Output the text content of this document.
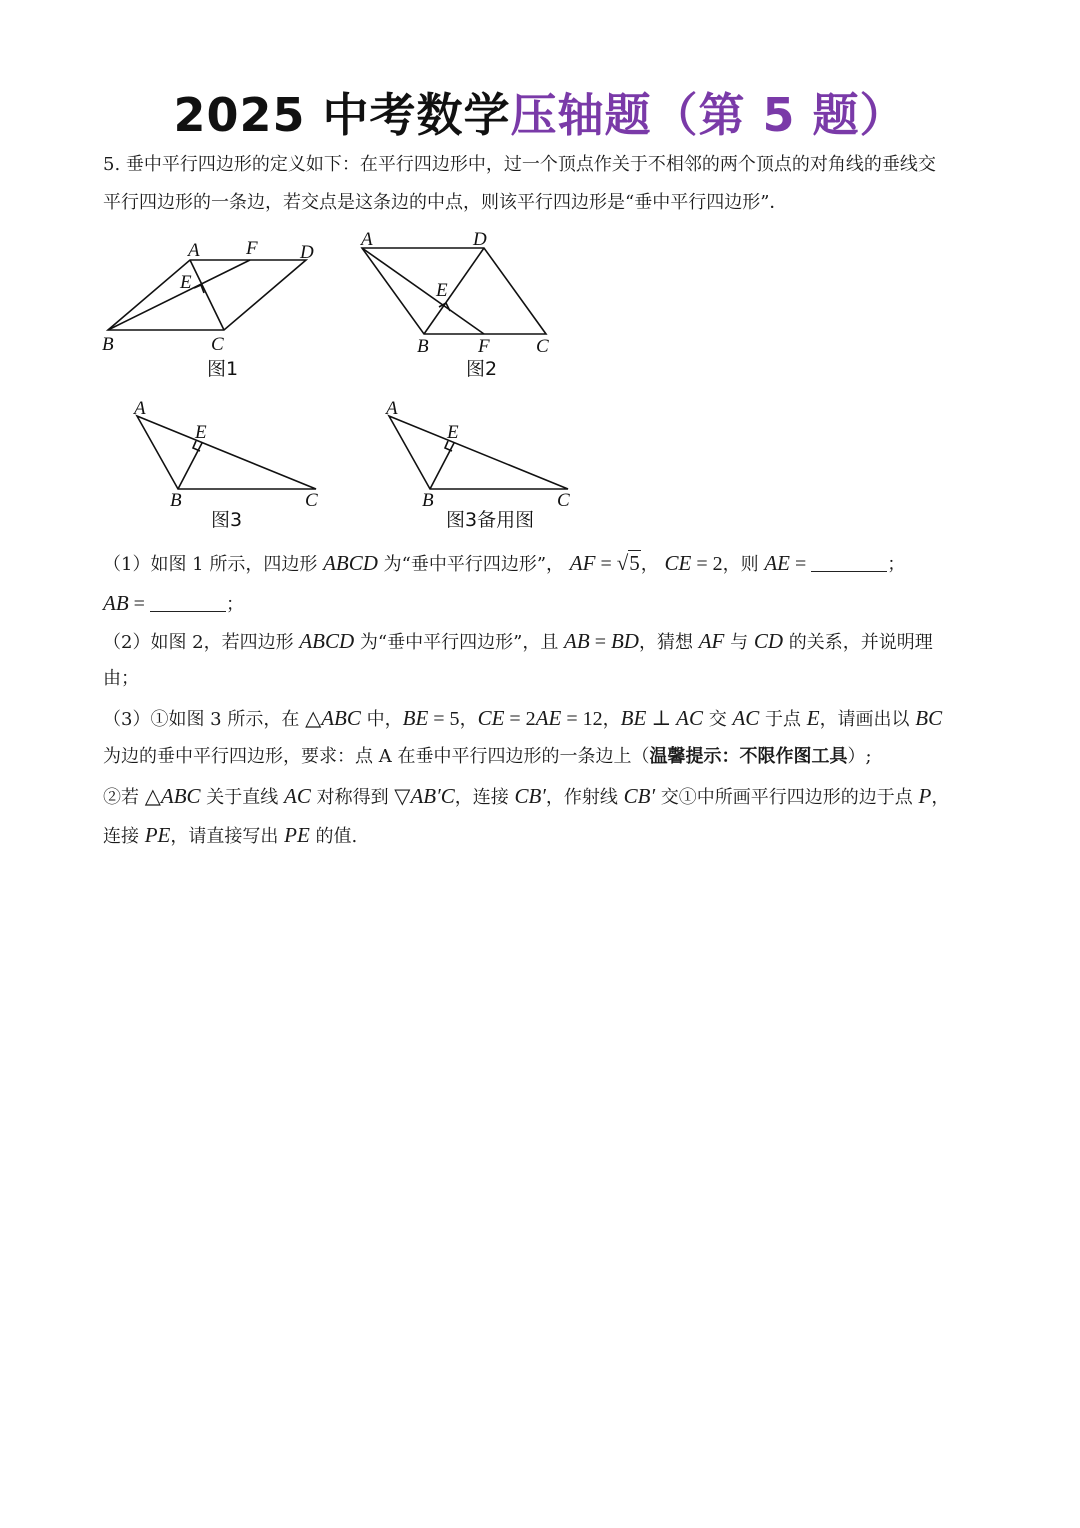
2025 中考数学压轴题（第 5 题）
5. 垂中平行四边形的定义如下：在平行四边形中，过一个顶点作关于不相邻的两个顶点的对角线的垂线交
平行四边形的一条边，若交点是这条边的中点，则该平行四边形是“垂中平行四边形”．
A F D
E
B	C
图1
A	D
E
B	F C
图2
A
E
B	C
图3
A
E
B	C
图3备用图
（1）如图 1 所示，四边形 ABCD 为“垂中平行四边形”， AF = √5， CE = 2，则 AE =	；
AB =	；
（2）如图 2，若四边形 ABCD 为“垂中平行四边形”，且 AB = BD，猜想 AF 与 CD 的关系，并说明理
由；
（3）①如图 3 所示，在 △ABC 中，BE = 5，CE = 2AE = 12，BE ⊥ AC 交 AC 于点 E，请画出以 BC
为边的垂中平行四边形，要求：点 A 在垂中平行四边形的一条边上（温馨提示：不限作图工具）;
②若 △ABC 关于直线 AC 对称得到 ▽AB′C，连接 CB′，作射线 CB′ 交①中所画平行四边形的边于点 P，
连接 PE，请直接写出 PE 的值.
